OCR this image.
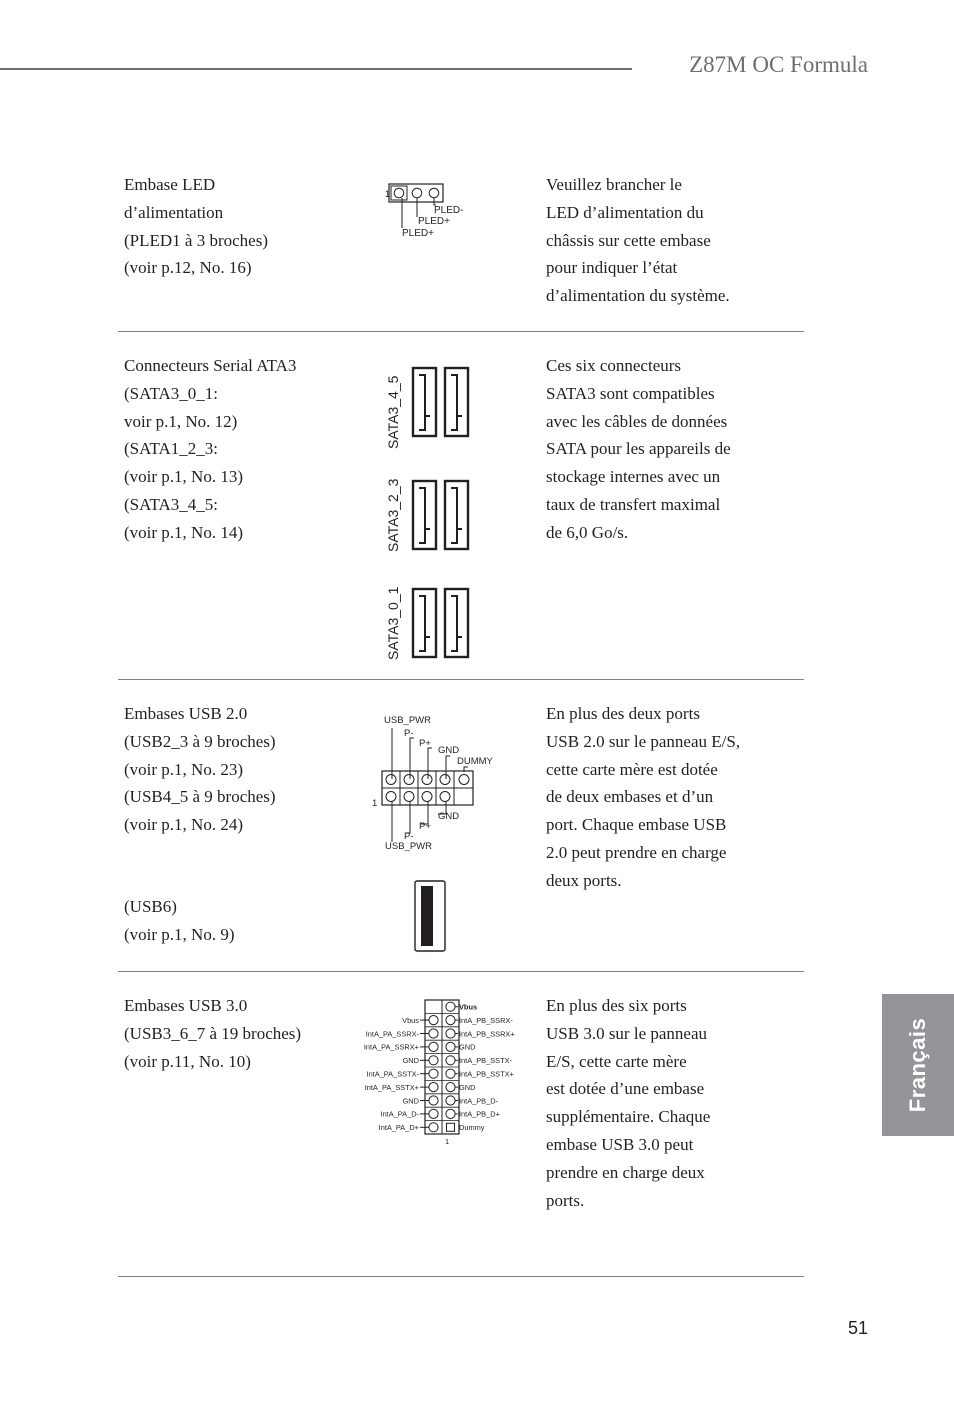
Z87M OC Formula
Français
Embase LED
d’alimentation
(PLED1 à 3 broches)
(voir p.12, No. 16)
1
PLED-
PLED+
PLED+
Veuillez brancher le
LED d’alimentation du
châssis sur cette embase
pour indiquer l’état
d’alimentation du système.
Connecteurs Serial ATA3
(SATA3_0_1:
voir p.1, No. 12)
(SATA1_2_3:
(voir p.1, No. 13)
(SATA3_4_5:
(voir p.1, No. 14)
SATA3_4_5
SATA3_2_3
SATA3_0_1
Ces six connecteurs
SATA3 sont compatibles
avec les câbles de données
SATA pour les appareils de
stockage internes avec un
taux de transfert maximal
de 6,0 Go/s.
Embases USB 2.0
(USB2_3 à 9 broches)
(voir p.1, No. 23)
(USB4_5 à 9 broches)
(voir p.1, No. 24)
(USB6)
(voir p.1, No. 9)
USB_PWR
P-
P+
GND
DUMMY
1
GND
P+
P-
USB_PWR
En plus des deux ports
USB 2.0 sur le panneau E/S,
cette carte mère est dotée
de deux embases et d’un
port. Chaque embase USB
2.0 peut prendre en charge
deux ports.
Embases USB 3.0
(USB3_6_7 à 19 broches)
(voir p.11, No. 10)
Vbus
IntA_PB_SSRX-
IntA_PB_SSRX+
GND
IntA_PB_SSTX-
IntA_PB_SSTX+
GND
IntA_PB_D-
IntA_PB_D+
Dummy
Vbus
IntA_PA_SSRX-
IntA_PA_SSRX+
GND
IntA_PA_SSTX-
IntA_PA_SSTX+
GND
IntA_PA_D-
IntA_PA_D+
1
En plus des six ports
USB 3.0 sur le panneau
E/S, cette carte mère
est dotée d’une embase
supplémentaire. Chaque
embase USB 3.0 peut
prendre en charge deux
ports.
51
